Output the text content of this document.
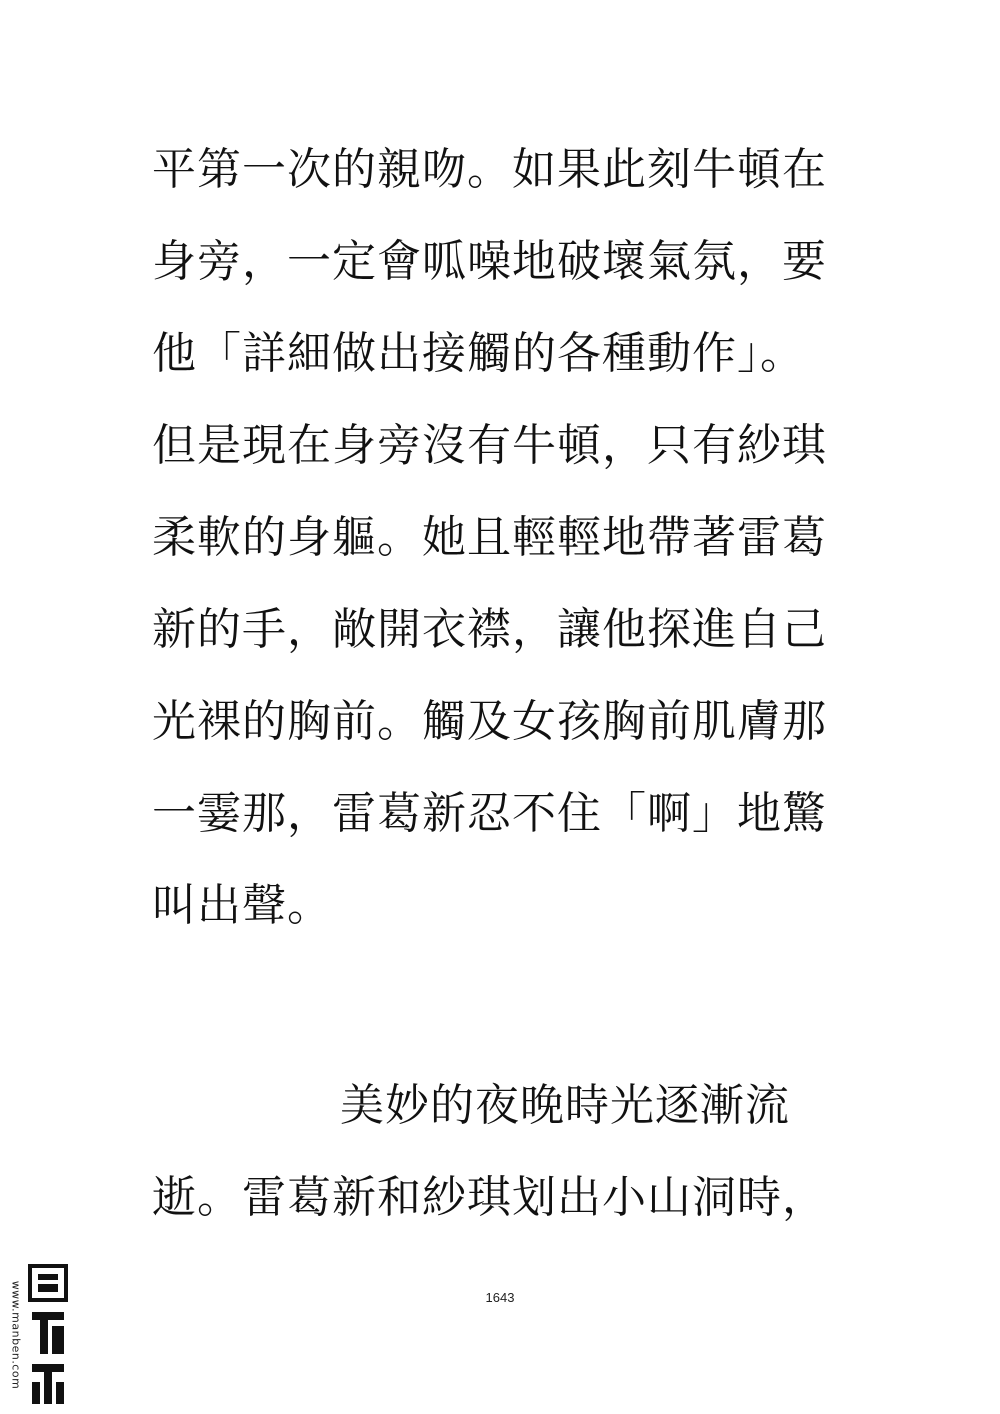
平第一次的親吻。如果此刻牛頓在
身旁，一定會呱噪地破壞氣氛，要
他「詳細做出接觸的各種動作」。
但是現在身旁沒有牛頓，只有紗琪
柔軟的身軀。她且輕輕地帶著雷葛
新的手，敞開衣襟，讓他探進自己
光裸的胸前。觸及女孩胸前肌膚那
一霎那，雷葛新忍不住「啊」地驚
叫出聲。
美妙的夜晚時光逐漸流
逝。雷葛新和紗琪划出小山洞時，
1643
www.manben.com
